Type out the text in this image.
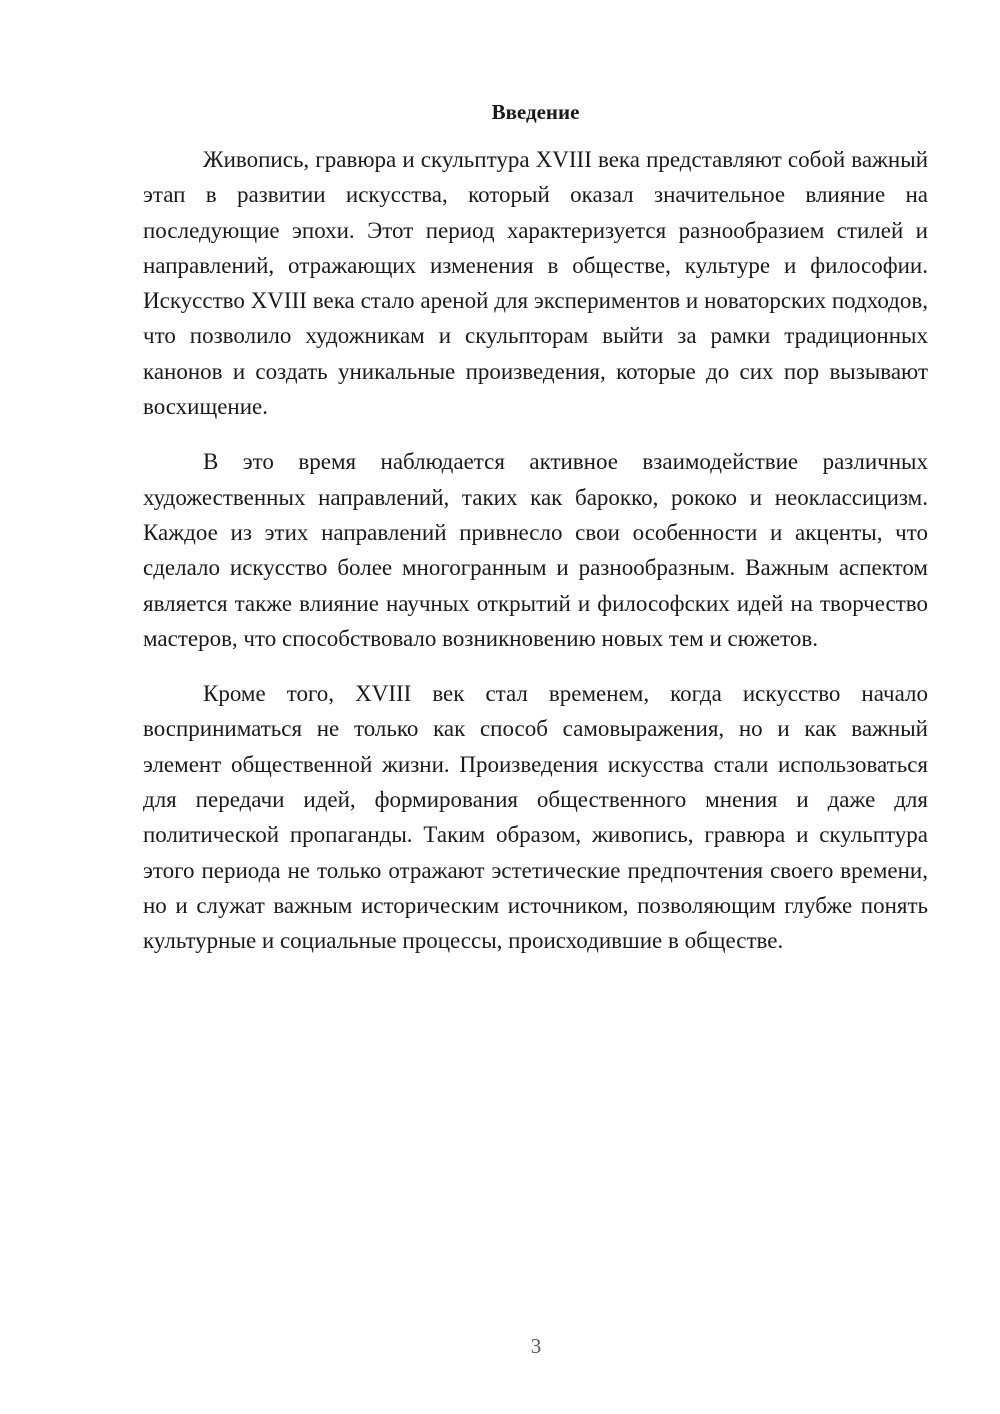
Введение

Живопись, гравюра и скульптура XVIII века представляют собой важный этап в развитии искусства, который оказал значительное влияние на последующие эпохи. Этот период характеризуется разнообразием стилей и направлений, отражающих изменения в обществе, культуре и философии. Искусство XVIII века стало ареной для экспериментов и новаторских подходов, что позволило художникам и скульпторам выйти за рамки традиционных канонов и создать уникальные произведения, которые до сих пор вызывают восхищение.

В это время наблюдается активное взаимодействие различных художественных направлений, таких как барокко, рококо и неоклассицизм. Каждое из этих направлений привнесло свои особенности и акценты, что сделало искусство более многогранным и разнообразным. Важным аспектом является также влияние научных открытий и философских идей на творчество мастеров, что способствовало возникновению новых тем и сюжетов.

Кроме того, XVIII век стал временем, когда искусство начало восприниматься не только как способ самовыражения, но и как важный элемент общественной жизни. Произведения искусства стали использоваться для передачи идей, формирования общественного мнения и даже для политической пропаганды. Таким образом, живопись, гравюра и скульптура этого периода не только отражают эстетические предпочтения своего времени, но и служат важным историческим источником, позволяющим глубже понять культурные и социальные процессы, происходившие в обществе.

3
